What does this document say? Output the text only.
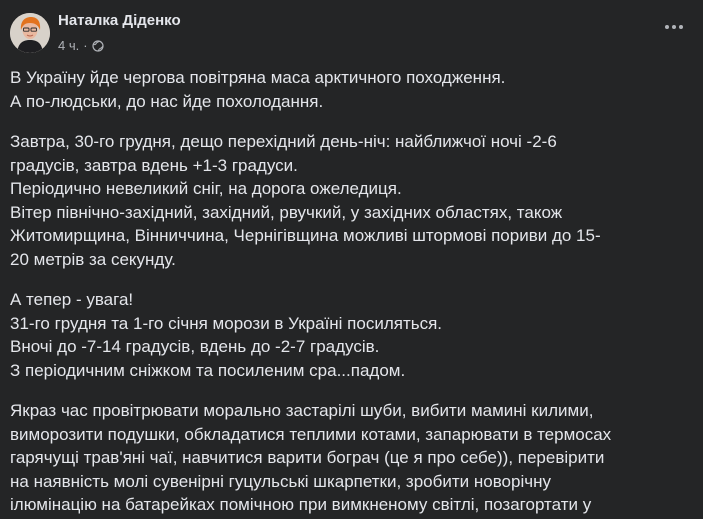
Наталка Діденко
4 ч. ·

В Україну йде чергова повітряна маса арктичного походження.
А по-людськи, до нас йде похолодання.

Завтра, 30-го грудня, дещо перехідний день-ніч: найближчої ночі -2-6
градусів, завтра вдень +1-3 градуси.
Періодично невеликий сніг, на дорога ожеледиця.
Вітер північно-західний, західний, рвучкий, у західних областях, також
Житомирщина, Вінниччина, Чернігівщина можливі штормові пориви до 15-
20 метрів за секунду.

А тепер - увага!
31-го грудня та 1-го січня морози в Україні посиляться.
Вночі до -7-14 градусів, вдень до -2-7 градусів.
З періодичним сніжком та посиленим сра...падом.

Якраз час провітрювати морально застарілі шуби, вибити мамині килими,
виморозити подушки, обкладатися теплими котами, запарювати в термосах
гарячущі трав'яні чаї, навчитися варити бограч (це я про себе)), перевірити
на наявність молі сувенірні гуцульські шкарпетки, зробити новорічну
ілюмінацію на батарейках помічною при вимкненому світлі, позагортати у
